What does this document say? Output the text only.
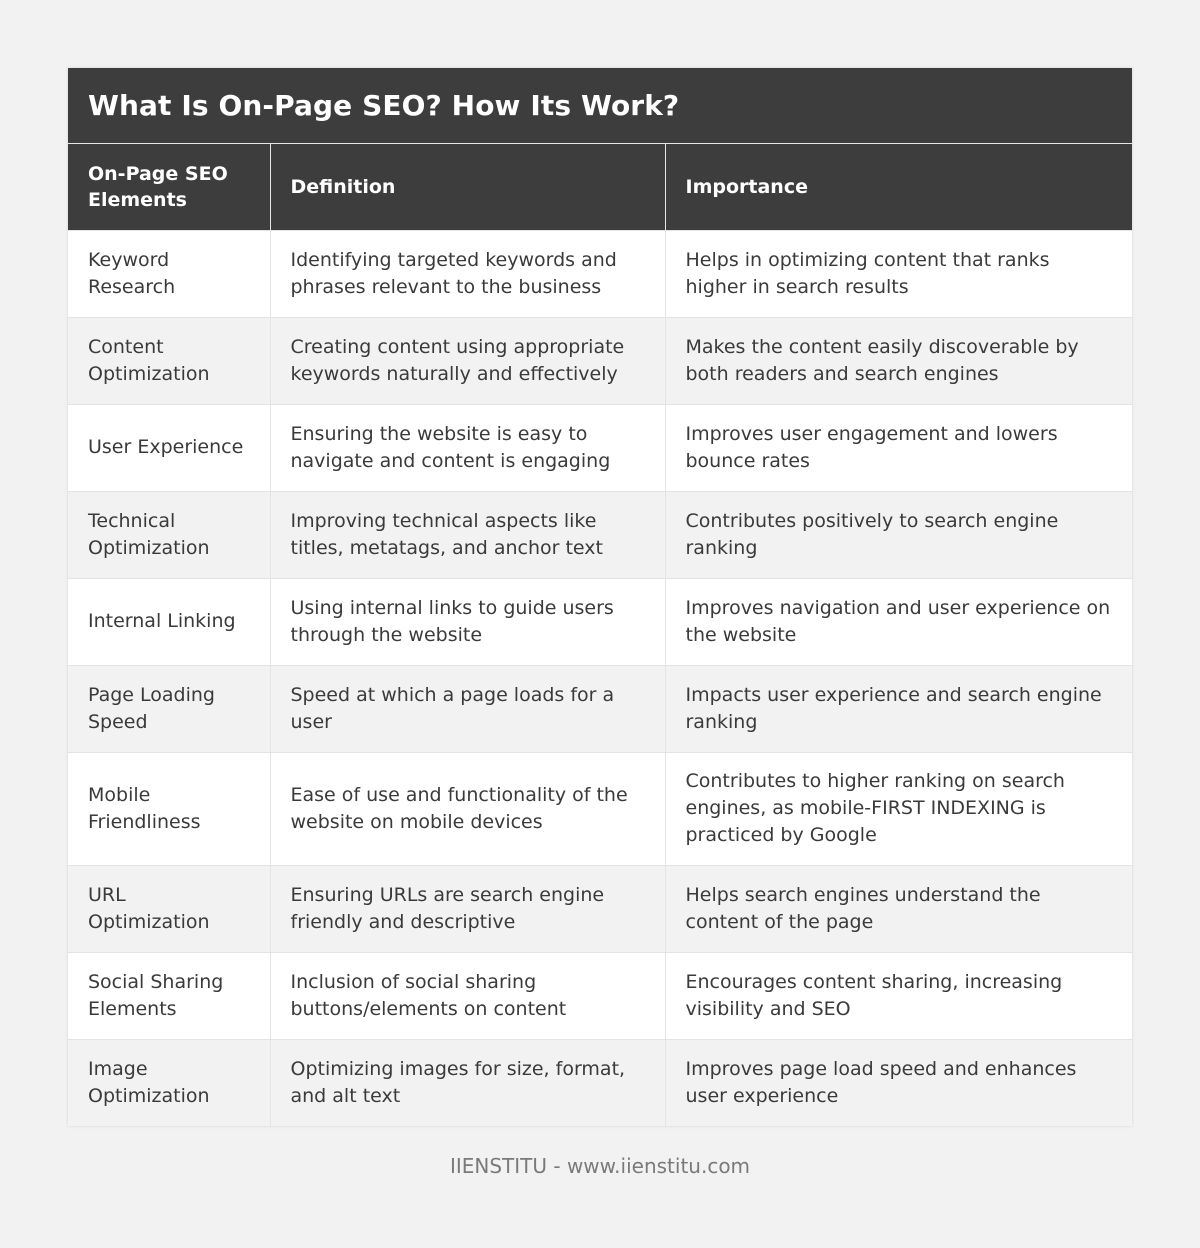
What Is On-Page SEO? How Its Work?
On-Page SEO Elements	Definition	Importance
Keyword Research	Identifying targeted keywords and phrases relevant to the business	Helps in optimizing content that ranks higher in search results
Content Optimization	Creating content using appropriate keywords naturally and effectively	Makes the content easily discoverable by both readers and search engines
User Experience	Ensuring the website is easy to navigate and content is engaging	Improves user engagement and lowers bounce rates
Technical Optimization	Improving technical aspects like titles, metatags, and anchor text	Contributes positively to search engine ranking
Internal Linking	Using internal links to guide users through the website	Improves navigation and user experience on the website
Page Loading Speed	Speed at which a page loads for a user	Impacts user experience and search engine ranking
Mobile Friendliness	Ease of use and functionality of the website on mobile devices	Contributes to higher ranking on search engines, as mobile-FIRST INDEXING is practiced by Google
URL Optimization	Ensuring URLs are search engine friendly and descriptive	Helps search engines understand the content of the page
Social Sharing Elements	Inclusion of social sharing buttons/elements on content	Encourages content sharing, increasing visibility and SEO
Image Optimization	Optimizing images for size, format, and alt text	Improves page load speed and enhances user experience
IIENSTITU - www.iienstitu.com
